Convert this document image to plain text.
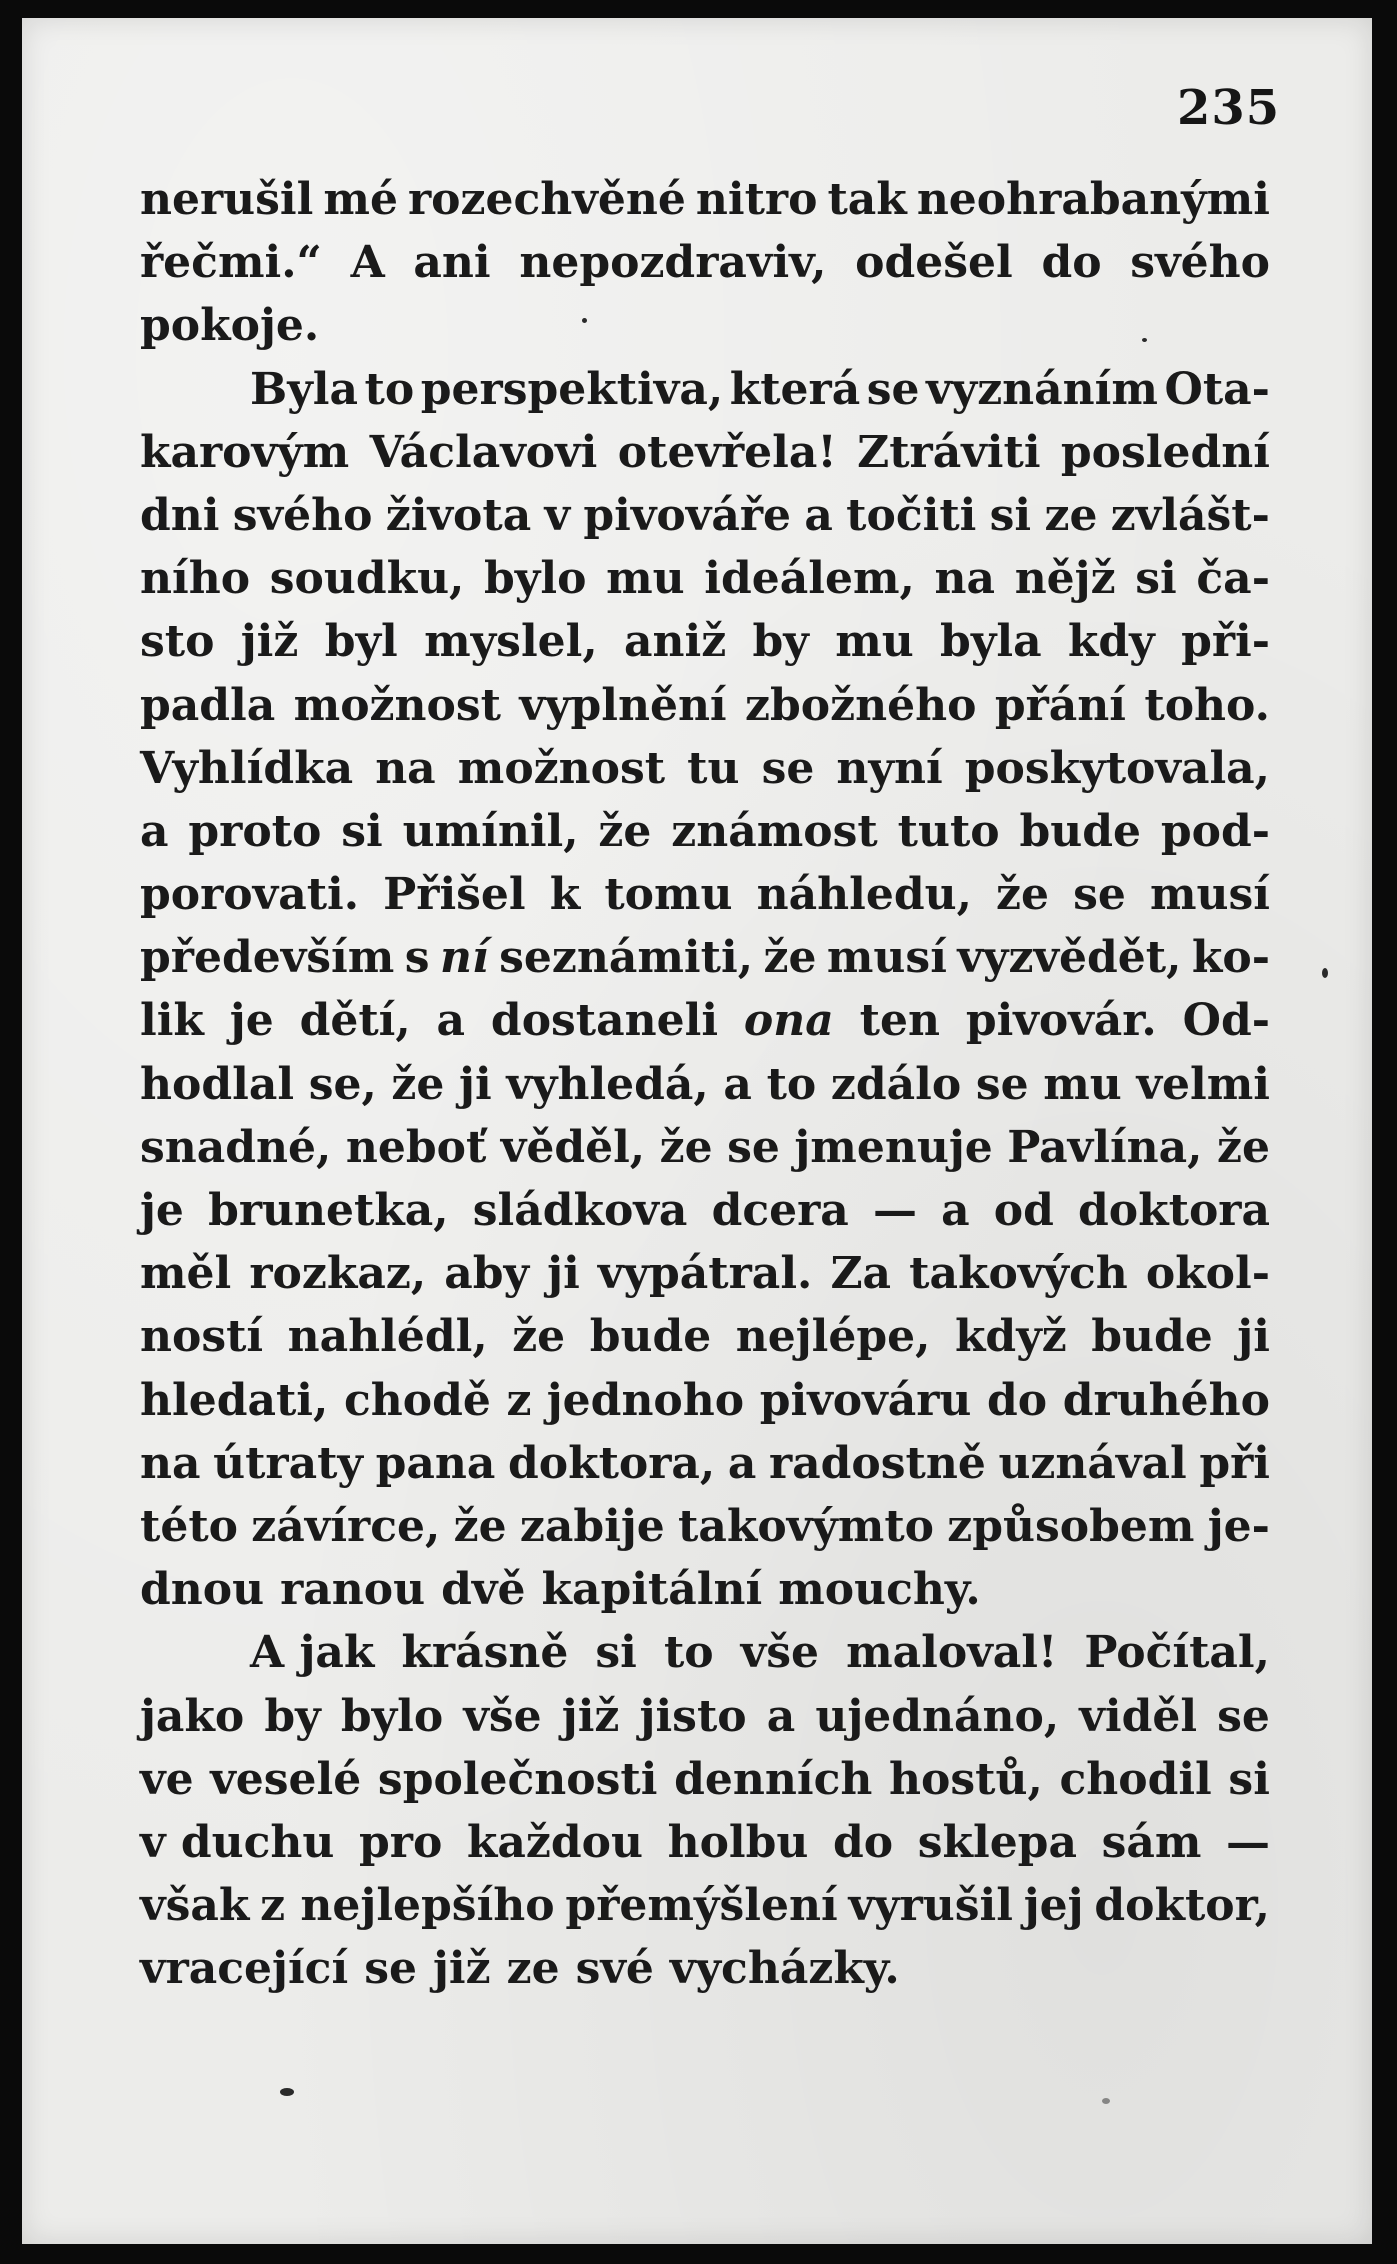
235
nerušil mé rozechvěné nitro tak neohrabanými
řečmi.“ A ani nepozdraviv, odešel do svého
pokoje.
Byla to perspektiva, která se vyznáním Ota-
karovým Václavovi otevřela! Ztráviti poslední
dni svého života v pivováře a točiti si ze zvlášt-
ního soudku, bylo mu ideálem, na nějž si ča-
sto již byl myslel, aniž by mu byla kdy při-
padla možnost vyplnění zbožného přání toho.
Vyhlídka na možnost tu se nyní poskytovala,
a proto si umínil, že známost tuto bude pod-
porovati. Přišel k tomu náhledu, že se musí
především s ní seznámiti, že musí vyzvědět, ko-
lik je dětí, a dostaneli ona ten pivovár. Od-
hodlal se, že ji vyhledá, a to zdálo se mu velmi
snadné, neboť věděl, že se jmenuje Pavlína, že
je brunetka, sládkova dcera — a od doktora
měl rozkaz, aby ji vypátral. Za takových okol-
ností nahlédl, že bude nejlépe, když bude ji
hledati, chodě z jednoho pivováru do druhého
na útraty pana doktora, a radostně uznával při
této závírce, že zabije takovýmto způsobem je-
dnou ranou dvě kapitální mouchy.
A jak krásně si to vše maloval! Počítal,
jako by bylo vše již jisto a ujednáno, viděl se
ve veselé společnosti denních hostů, chodil si
v duchu pro každou holbu do sklepa sám —
však z nejlepšího přemýšlení vyrušil jej doktor,
vracející se již ze své vycházky.
